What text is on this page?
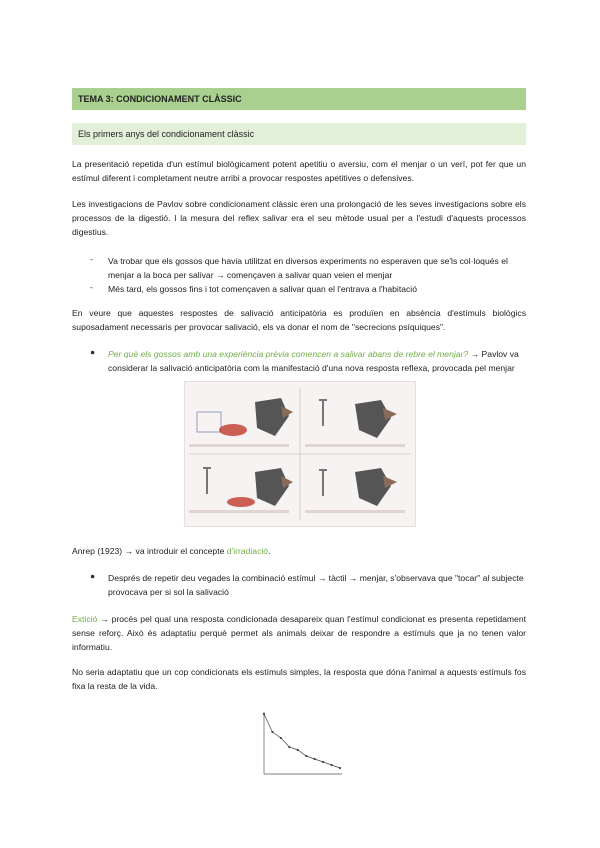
TEMA 3: CONDICIONAMENT CLÀSSIC
Els primers anys del condicionament clàssic
La presentació repetida d'un estímul biològicament potent apetitiu o aversiu, com el menjar o un verí, pot fer que un estímul diferent i completament neutre arribi a provocar respostes apetitives o defensives.
Les investigacions de Pavlov sobre condicionament clàssic eren una prolongació de les seves investigacions sobre els processos de la digestió. I la mesura del reflex salivar era el seu mètode usual per a l'estudi d'aquests processos digestius.
- Va trobar que els gossos que havia utilitzat en diversos experiments no esperaven que se'ls col·loqués el menjar a la boca per salivar → començaven a salivar quan veien el menjar
- Més tard, els gossos fins i tot començaven a salivar quan el l'entrava a l'habitació
En veure que aquestes respostes de salivació anticipatòria es produïen en absència d'estímuls biològics suposadament necessaris per provocar salivació, els va donar el nom de "secrecions psíquiques".
● Per què els gossos amb una experiència prèvia comencen a salivar abans de rebre el menjar? → Pavlov va considerar la salivació anticipatòria com la manifestació d'una nova resposta reflexa, provocada pel menjar
Anrep (1923) → va introduir el concepte d'irradiació.
● Després de repetir deu vegades la combinació estímul → tàctil → menjar, s'observava que "tocar" al subjecte provocava per si sol la salivació
Extició → procés pel qual una resposta condicionada desapareix quan l'estímul condicionat es presenta repetidament sense reforç. Això és adaptatiu perquè permet als animals deixar de respondre a estímuls que ja no tenen valor informatiu.
No seria adaptatiu que un cop condicionats els estímuls simples, la resposta que dóna l'animal a aquests estímuls fos fixa la resta de la vida.
